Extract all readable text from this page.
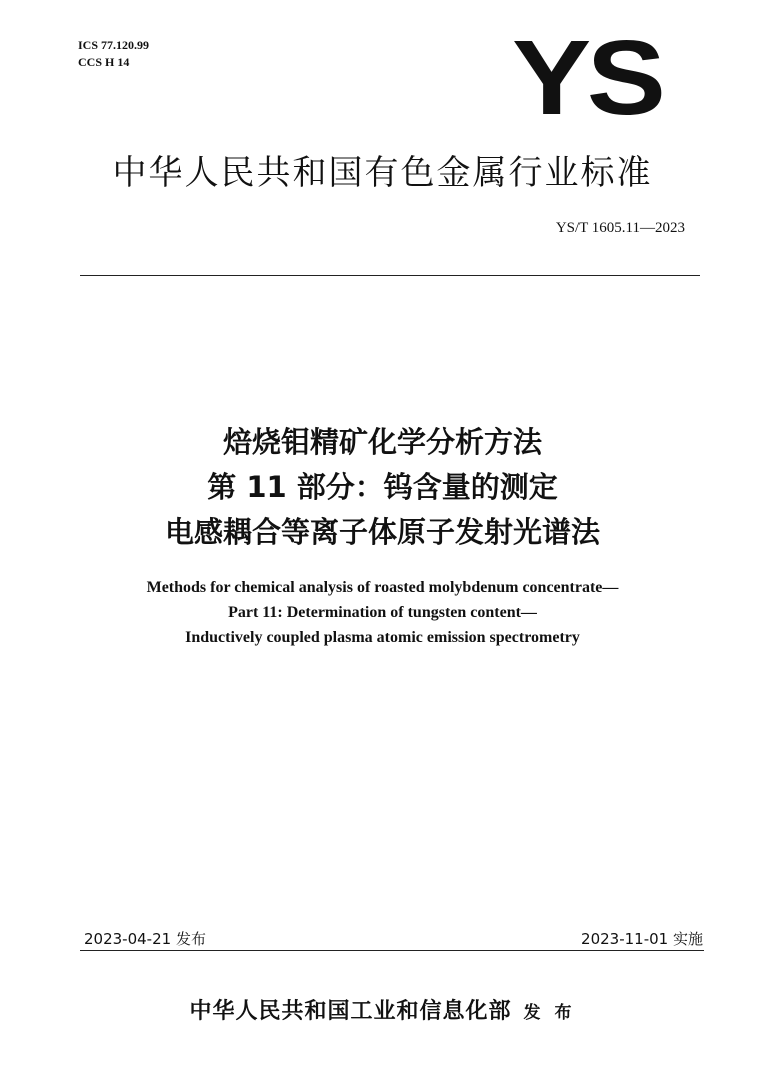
ICS 77.120.99
CCS H 14	YS
中华人民共和国有色金属行业标准
YS/T 1605.11—2023
焙烧钼精矿化学分析方法
第 11 部分：钨含量的测定
电感耦合等离子体原子发射光谱法
Methods for chemical analysis of roasted molybdenum concentrate—
Part 11: Determination of tungsten content—
Inductively coupled plasma atomic emission spectrometry
2023-04-21 发布	2023-11-01 实施
中华人民共和国工业和信息化部 发 布
